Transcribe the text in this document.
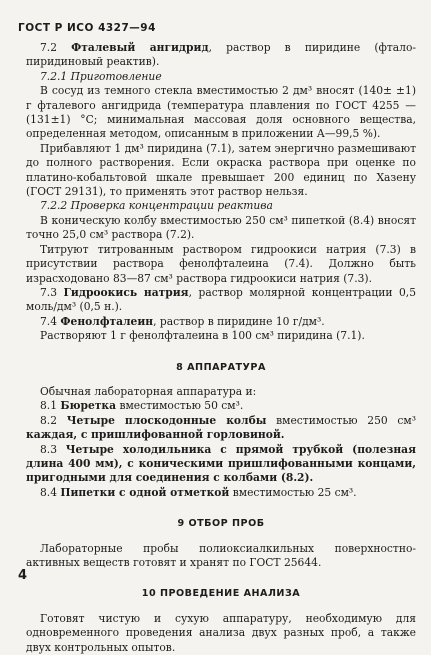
ГОСТ Р ИСО 4327—94

7.2 Фталевый ангидрид, раствор в пиридине (фтало-пиридиновый реактив).

7.2.1 Приготовление

В сосуд из темного стекла вместимостью 2 дм³ вносят (140± ±1) г фталевого ангидрида (температура плавления по ГОСТ 4255 — (131±1) °С; минимальная массовая доля основного вещества, определенная методом, описанным в приложении А—99,5 %).

Прибавляют 1 дм³ пиридина (7.1), затем энергично размешивают до полного растворения. Если окраска раствора при оценке по платино-кобальтовой шкале превышает 200 единиц по Хазену (ГОСТ 29131), то применять этот раствор нельзя.

7.2.2 Проверка концентрации реактива

В коническую колбу вместимостью 250 см³ пипеткой (8.4) вносят точно 25,0 см³ раствора (7.2).

Титруют титрованным раствором гидроокиси натрия (7.3) в присутствии раствора фенолфталеина (7.4). Должно быть израсходовано 83—87 см³ раствора гидроокиси натрия (7.3).

7.3 Гидроокись натрия, раствор молярной концентрации 0,5 моль/дм³ (0,5 н.).

7.4 Фенолфталеин, раствор в пиридине 10 г/дм³.

Растворяют 1 г фенолфталеина в 100 см³ пиридина (7.1).

8 АППАРАТУРА

Обычная лабораторная аппаратура и:

8.1 Бюретка вместимостью 50 см³.

8.2 Четыре плоскодонные колбы вместимостью 250 см³ каждая, с пришлифованной горловиной.

8.3 Четыре холодильника с прямой трубкой (полезная длина 400 мм), с коническими пришлифованными концами, пригодными для соединения с колбами (8.2).

8.4 Пипетки с одной отметкой вместимостью 25 см³.

9 ОТБОР ПРОБ

Лабораторные пробы полиоксиалкильных поверхностно-активных веществ готовят и хранят по ГОСТ 25644.

10 ПРОВЕДЕНИЕ АНАЛИЗА

Готовят чистую и сухую аппаратуру, необходимую для одновременного проведения анализа двух разных проб, а также двух контрольных опытов.

4
